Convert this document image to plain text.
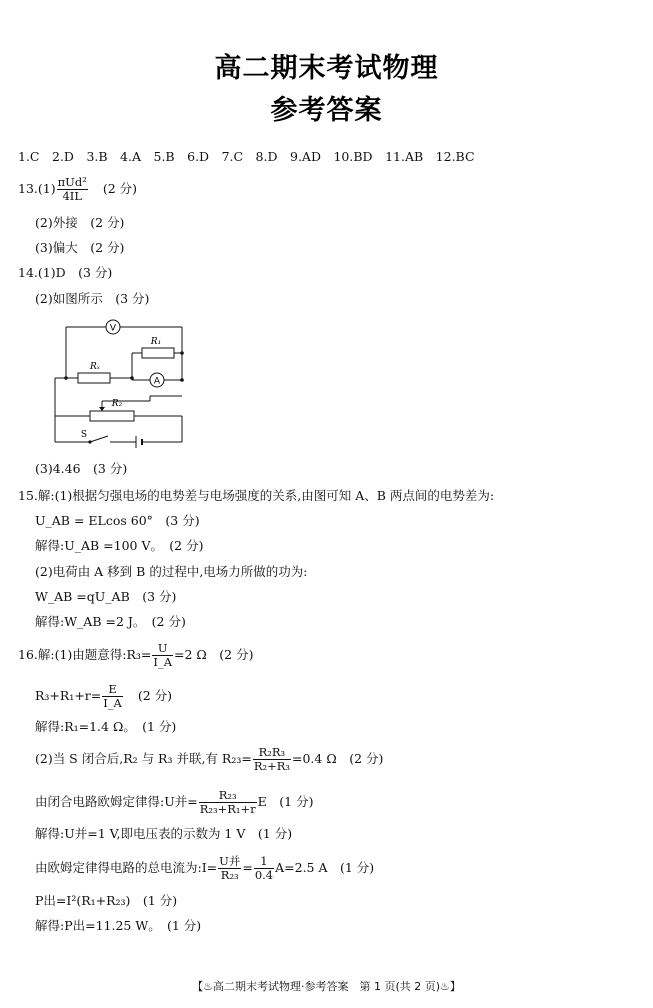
高二期末考试物理
参考答案
1.C　2.D　3.B　4.A　5.B　6.D　7.C　8.D　9.AD　10.BD　11.AB　12.BC
$13.(1) \frac{\text{πUd²}}{4IL} (2$ 分)
(2)外接　(2 分)
(3)偏大　(2 分)
14.(1)D　(3 分)
(2)如图所示　(3 分)
V
R₁
Rₓ
A
R₂
S
(3)4.46　(3 分)
15.解:(1)根据匀强电场的电势差与电场强度的关系,由图可知 A、B 两点间的电势差为:
U_AB = ELcos 60°　(3 分)
解得:U_AB =100 V。　(2 分)
(2)电荷由 A 移到 B 的过程中,电场力所做的功为:
W_AB =qU_AB　(3 分)
解得:W_AB =2 J。　(2 分)
16.解:(1)由题意得:R₃= $\frac{U}{I\_A} =2$ Ω　(2 分)
$R_3+R_1+r= \frac{E}{I\_A} (2$ 分)
解得:R₁=1.4 Ω。　(1 分)
(2)当 S 闭合后,R₂ 与 R₃ 并联,有 $R_{23}= \frac{\text{R₂R₃}}{\text{R₂+R₃}} =0.4$ Ω　(2 分)
由闭合电路欧姆定律得:U并= $\frac{\text{R₂₃}}{\text{R₂₃+R₁+r}}$ E　(1 分)
解得:U并=1 V,即电压表的示数为 1 V　(1 分)
由欧姆定律得电路的总电流为:I= $\frac{\text{U并}}{\text{R₂₃}} = \frac{1}{0.4} A=2.5$ A　(1 分)
P出=I²(R₁+R₂₃)　(1 分)
解得:P出=11.25 W。　(1 分)
【♨高二期末考试物理·参考答案　第 1 页(共 2 页)♨】
